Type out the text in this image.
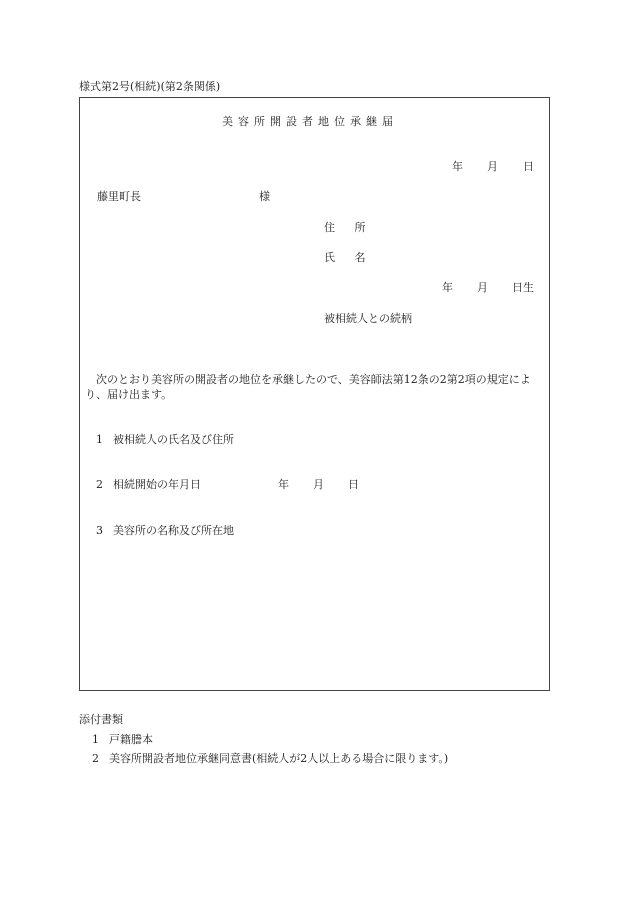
様式第2号(相続)(第2条関係)
美容所開設者地位承継届
年 月 日
藤里町長	様
住 所
氏 名
年 月 日生
被相続人との続柄
次のとおり美容所の開設者の地位を承継したので、美容師法第12条の2第2項の規定により、届け出ます。
1 被相続人の氏名及び住所
2 相続開始の年月日	年 月 日
3 美容所の名称及び所在地
添付書類
1 戸籍謄本
2 美容所開設者地位承継同意書(相続人が2人以上ある場合に限ります。)
